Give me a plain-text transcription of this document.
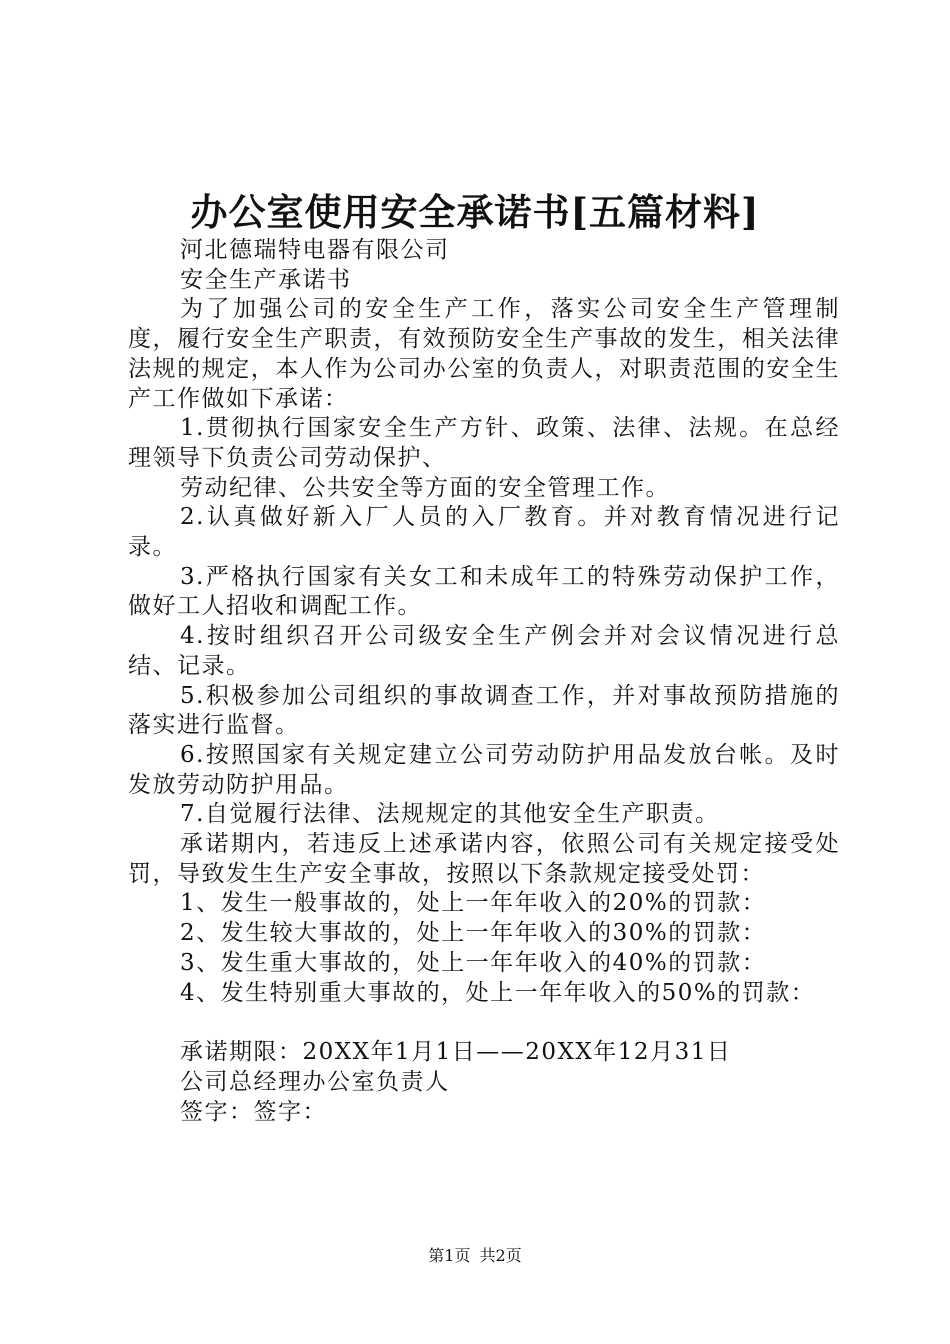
办公室使用安全承诺书[五篇材料]

河北德瑞特电器有限公司

安全生产承诺书

为了加强公司的安全生产工作，落实公司安全生产管理制度，履行安全生产职责，有效预防安全生产事故的发生，相关法律法规的规定，本人作为公司办公室的负责人，对职责范围的安全生产工作做如下承诺：

1.贯彻执行国家安全生产方针、政策、法律、法规。在总经理领导下负责公司劳动保护、

劳动纪律、公共安全等方面的安全管理工作。

2.认真做好新入厂人员的入厂教育。并对教育情况进行记录。

3.严格执行国家有关女工和未成年工的特殊劳动保护工作，做好工人招收和调配工作。

4.按时组织召开公司级安全生产例会并对会议情况进行总结、记录。

5.积极参加公司组织的事故调查工作，并对事故预防措施的落实进行监督。

6.按照国家有关规定建立公司劳动防护用品发放台帐。及时发放劳动防护用品。

7.自觉履行法律、法规规定的其他安全生产职责。

承诺期内，若违反上述承诺内容，依照公司有关规定接受处罚，导致发生生产安全事故，按照以下条款规定接受处罚：

1、发生一般事故的，处上一年年收入的20%的罚款：

2、发生较大事故的，处上一年年收入的30%的罚款：

3、发生重大事故的，处上一年年收入的40%的罚款：

4、发生特别重大事故的，处上一年年收入的50%的罚款：

承诺期限：20XX年1月1日——20XX年12月31日

公司总经理办公室负责人

签字：签字：

第1页 共2页
